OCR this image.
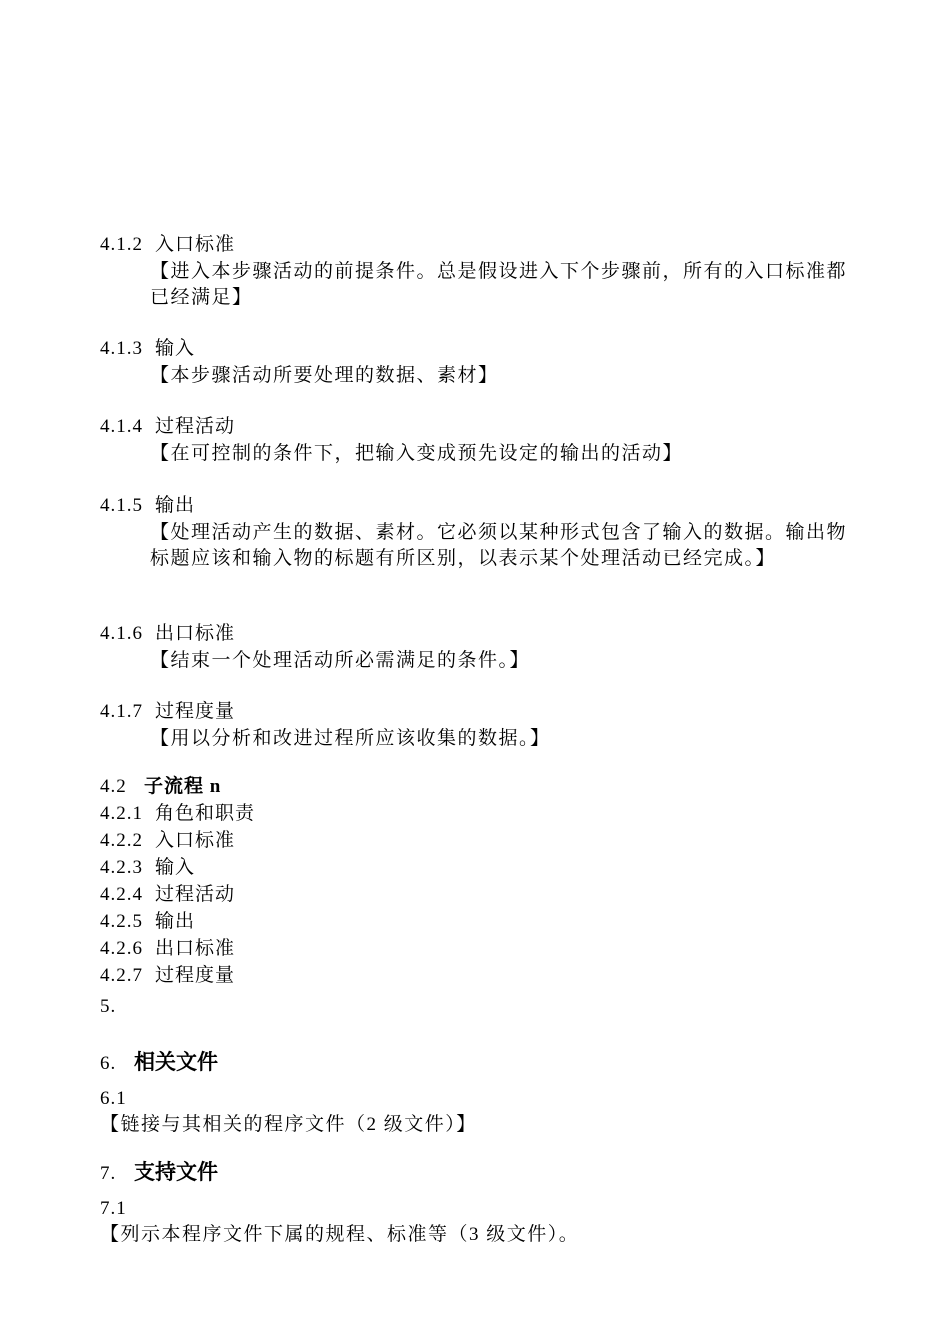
4.1.2 入口标准
【进入本步骤活动的前提条件。总是假设进入下个步骤前，所有的入口标准都已经满足】
4.1.3 输入
【本步骤活动所要处理的数据、素材】
4.1.4 过程活动
【在可控制的条件下，把输入变成预先设定的输出的活动】
4.1.5 输出
【处理活动产生的数据、素材。它必须以某种形式包含了输入的数据。输出物标题应该和输入物的标题有所区别，以表示某个处理活动已经完成。】
4.1.6 出口标准
【结束一个处理活动所必需满足的条件。】
4.1.7 过程度量
【用以分析和改进过程所应该收集的数据。】
4.2 子流程 n
4.2.1 角色和职责
4.2.2 入口标准
4.2.3 输入
4.2.4 过程活动
4.2.5 输出
4.2.6 出口标准
4.2.7 过程度量
5.
6. 相关文件
6.1
【链接与其相关的程序文件（2 级文件）】
7. 支持文件
7.1
【列示本程序文件下属的规程、标准等（3 级文件）。
